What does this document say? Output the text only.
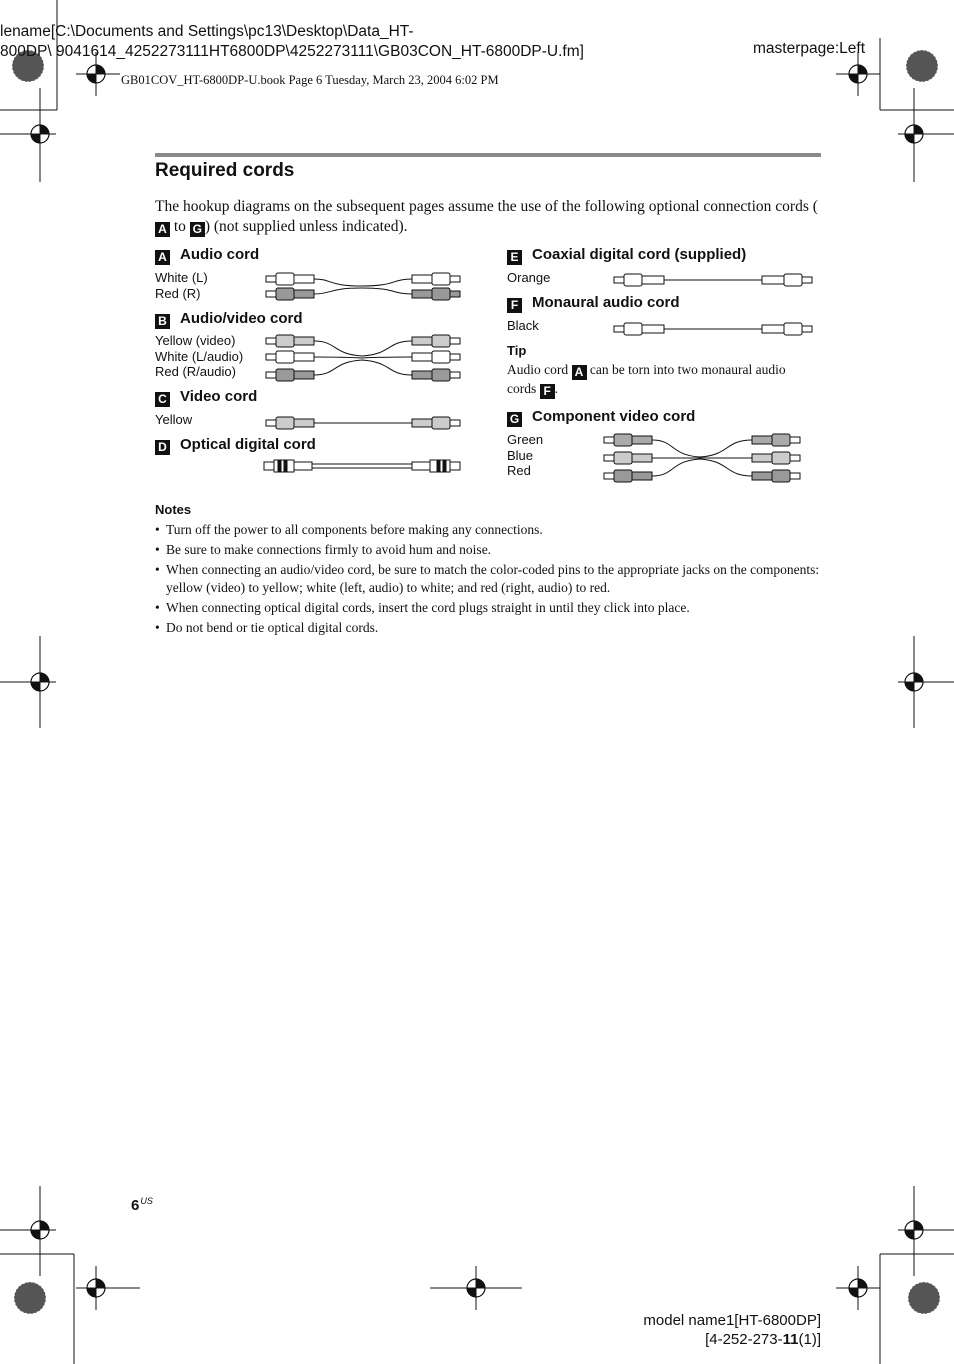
lename[C:\Documents and Settings\pc13\Desktop\Data_HT-
800DP\ 9041614_4252273111HT6800DP\4252273111\GB03CON_HT-6800DP-U.fm]	masterpage:Left
GB01COV_HT-6800DP-U.book Page 6 Tuesday, March 23, 2004 6:02 PM
Required cords
The hookup diagrams on the subsequent pages assume the use of the following optional connection cords (A to G ) (not supplied unless indicated).
A Audio cord
White (L)
Red (R)
B Audio/video cord
Yellow (video)
White (L/audio)
Red (R/audio)
C Video cord
Yellow
D Optical digital cord
E Coaxial digital cord (supplied)
Orange
F Monaural audio cord
Black
Tip
Audio cord A can be torn into two monaural audio cords F .
G Component video cord
Green
Blue
Red
Notes
• Turn off the power to all components before making any connections.
• Be sure to make connections firmly to avoid hum and noise.
• When connecting an audio/video cord, be sure to match the color-coded pins to the appropriate jacks on the components: yellow (video) to yellow; white (left, audio) to white; and red (right, audio) to red.
• When connecting optical digital cords, insert the cord plugs straight in until they click into place.
• Do not bend or tie optical digital cords.
$6^{US}$
model name1[HT-6800DP]
[4-252-273-11(1)]
